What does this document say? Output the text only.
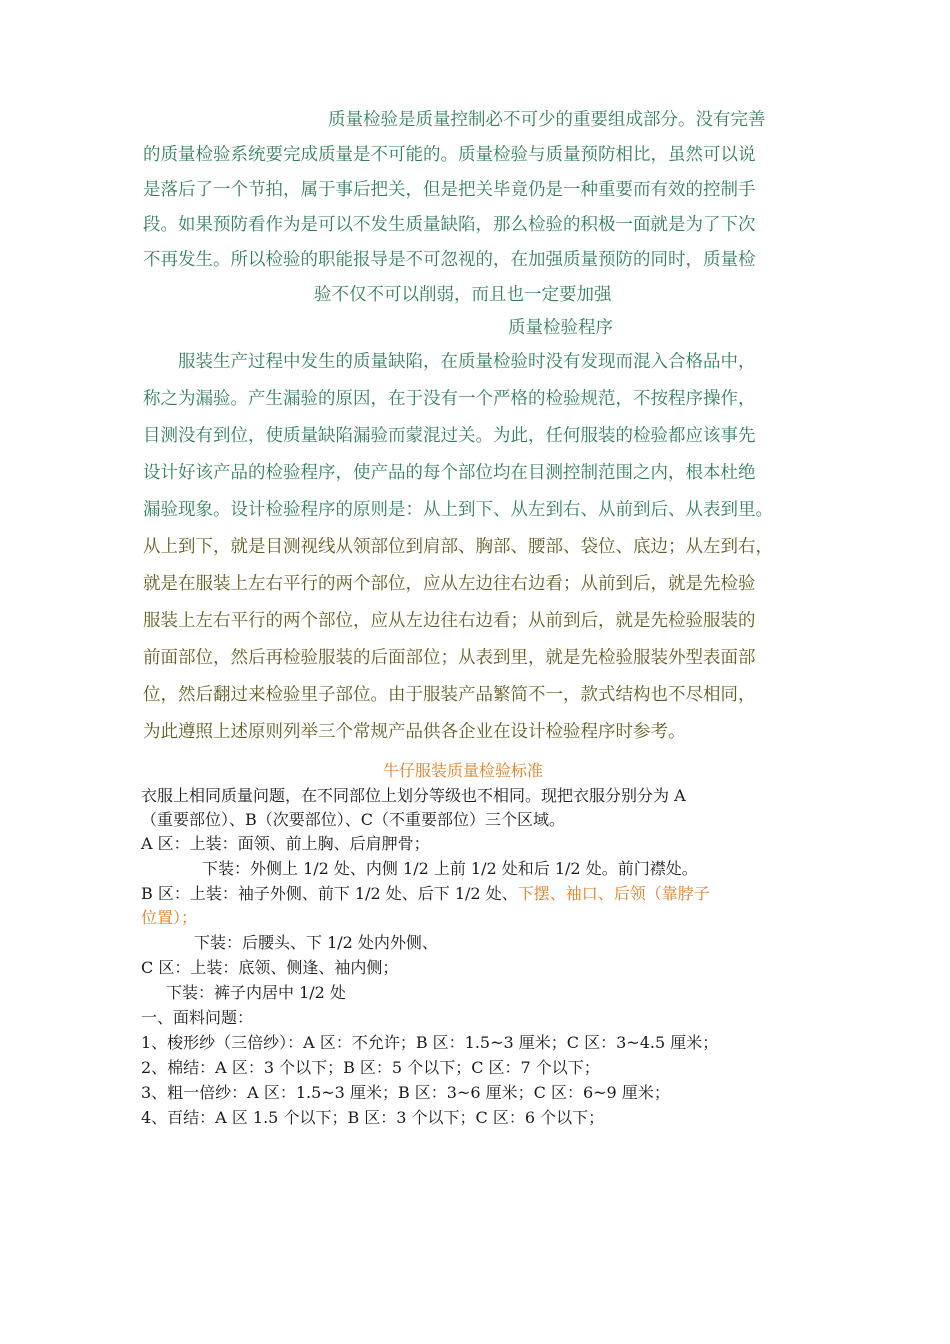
质量检验是质量控制必不可少的重要组成部分。没有完善

的质量检验系统要完成质量是不可能的。质量检验与质量预防相比，虽然可以说

是落后了一个节拍，属于事后把关，但是把关毕竟仍是一种重要而有效的控制手

段。如果预防看作为是可以不发生质量缺陷，那么检验的积极一面就是为了下次

不再发生。所以检验的职能报导是不可忽视的，在加强质量预防的同时，质量检

验不仅不可以削弱，而且也一定要加强

质量检验程序

服装生产过程中发生的质量缺陷，在质量检验时没有发现而混入合格品中，

称之为漏验。产生漏验的原因，在于没有一个严格的检验规范，不按程序操作，

目测没有到位，使质量缺陷漏验而蒙混过关。为此，任何服装的检验都应该事先

设计好该产品的检验程序，使产品的每个部位均在目测控制范围之内，根本杜绝

漏验现象。设计检验程序的原则是：从上到下、从左到右、从前到后、从表到里。

从上到下，就是目测视线从领部位到肩部、胸部、腰部、袋位、底边；从左到右，

就是在服装上左右平行的两个部位，应从左边往右边看；从前到后，就是先检验

服装上左右平行的两个部位，应从左边往右边看；从前到后，就是先检验服装的

前面部位，然后再检验服装的后面部位；从表到里，就是先检验服装外型表面部

位，然后翻过来检验里子部位。由于服装产品繁简不一，款式结构也不尽相同，

为此遵照上述原则列举三个常规产品供各企业在设计检验程序时参考。

牛仔服装质量检验标准

衣服上相同质量问题，在不同部位上划分等级也不相同。现把衣服分别分为 A

（重要部位）、B（次要部位）、C（不重要部位）三个区域。

A 区：上装：面领、前上胸、后肩胛骨；

下装：外侧上 1/2 处、内侧 1/2 上前 1/2 处和后 1/2 处。前门襟处。

B 区：上装：袖子外侧、前下 1/2 处、后下 1/2 处、下摆、袖口、后领（靠脖子

位置）；

下装：后腰头、下 1/2 处内外侧、

C 区：上装：底领、侧逢、袖内侧；

下装：裤子内居中 1/2 处

一、面料问题：

1、梭形纱（三倍纱）：A 区：不允许；B 区：1.5~3 厘米；C 区：3~4.5 厘米；

2、棉结：A 区：3 个以下；B 区：5 个以下；C 区：7 个以下；

3、粗一倍纱：A 区：1.5~3 厘米；B 区：3~6 厘米；C 区：6~9 厘米；

4、百结：A 区 1.5 个以下；B 区：3 个以下；C 区：6 个以下；
